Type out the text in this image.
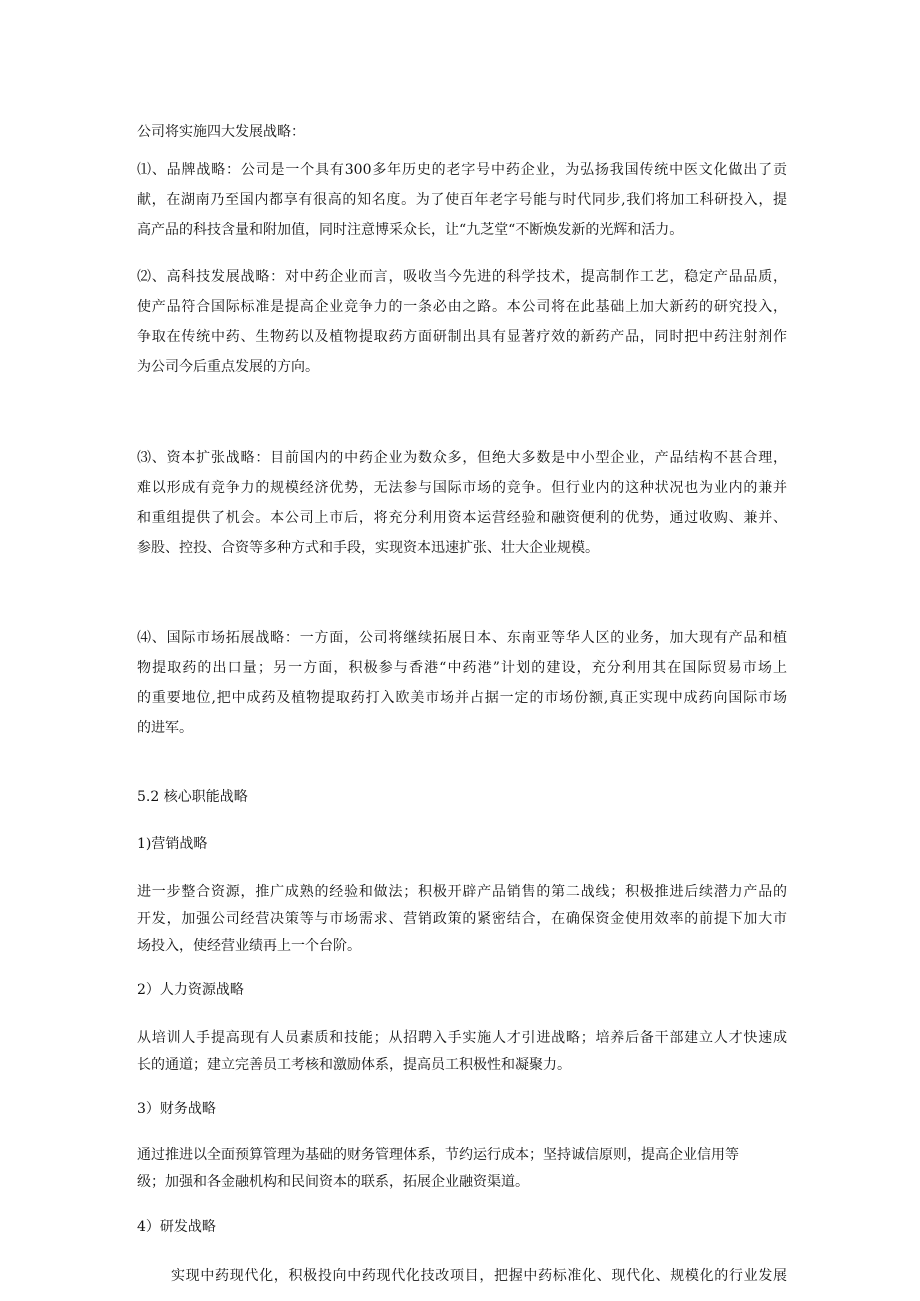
公司将实施四大发展战略：

⑴、品牌战略：公司是一个具有300多年历史的老字号中药企业，为弘扬我国传统中医文化做出了贡
献，在湖南乃至国内都享有很高的知名度。为了使百年老字号能与时代同步,我们将加工科研投入，提
高产品的科技含量和附加值，同时注意博采众长，让“九芝堂“不断焕发新的光辉和活力。
⑵、高科技发展战略：对中药企业而言，吸收当今先进的科学技术，提高制作工艺，稳定产品品质，
使产品符合国际标准是提高企业竞争力的一条必由之路。本公司将在此基础上加大新药的研究投入，
争取在传统中药、生物药以及植物提取药方面研制出具有显著疗效的新药产品，同时把中药注射剂作
为公司今后重点发展的方向。
⑶、资本扩张战略：目前国内的中药企业为数众多，但绝大多数是中小型企业，产品结构不甚合理，
难以形成有竞争力的规模经济优势，无法参与国际市场的竞争。但行业内的这种状况也为业内的兼并
和重组提供了机会。本公司上市后，将充分利用资本运营经验和融资便利的优势，通过收购、兼并、
参股、控投、合资等多种方式和手段，实现资本迅速扩张、壮大企业规模。
⑷、国际市场拓展战略：一方面，公司将继续拓展日本、东南亚等华人区的业务，加大现有产品和植
物提取药的出口量；另一方面，积极参与香港“中药港”计划的建设，充分利用其在国际贸易市场上
的重要地位,把中成药及植物提取药打入欧美市场并占据一定的市场份额,真正实现中成药向国际市场
的进军。

5.2 核心职能战略

1)营销战略

进一步整合资源，推广成熟的经验和做法；积极开辟产品销售的第二战线；积极推进后续潜力产品的
开发，加强公司经营决策等与市场需求、营销政策的紧密结合，在确保资金使用效率的前提下加大市
场投入，使经营业绩再上一个台阶。

2）人力资源战略

从培训人手提高现有人员素质和技能；从招聘入手实施人才引进战略；培养后备干部建立人才快速成
长的通道；建立完善员工考核和激励体系，提高员工积极性和凝聚力。

3）财务战略

通过推进以全面预算管理为基础的财务管理体系，节约运行成本；坚持诚信原则，提高企业信用等
级；加强和各金融机构和民间资本的联系，拓展企业融资渠道。

4）研发战略

实现中药现代化，积极投向中药现代化技改项目，把握中药标准化、现代化、规模化的行业发展
